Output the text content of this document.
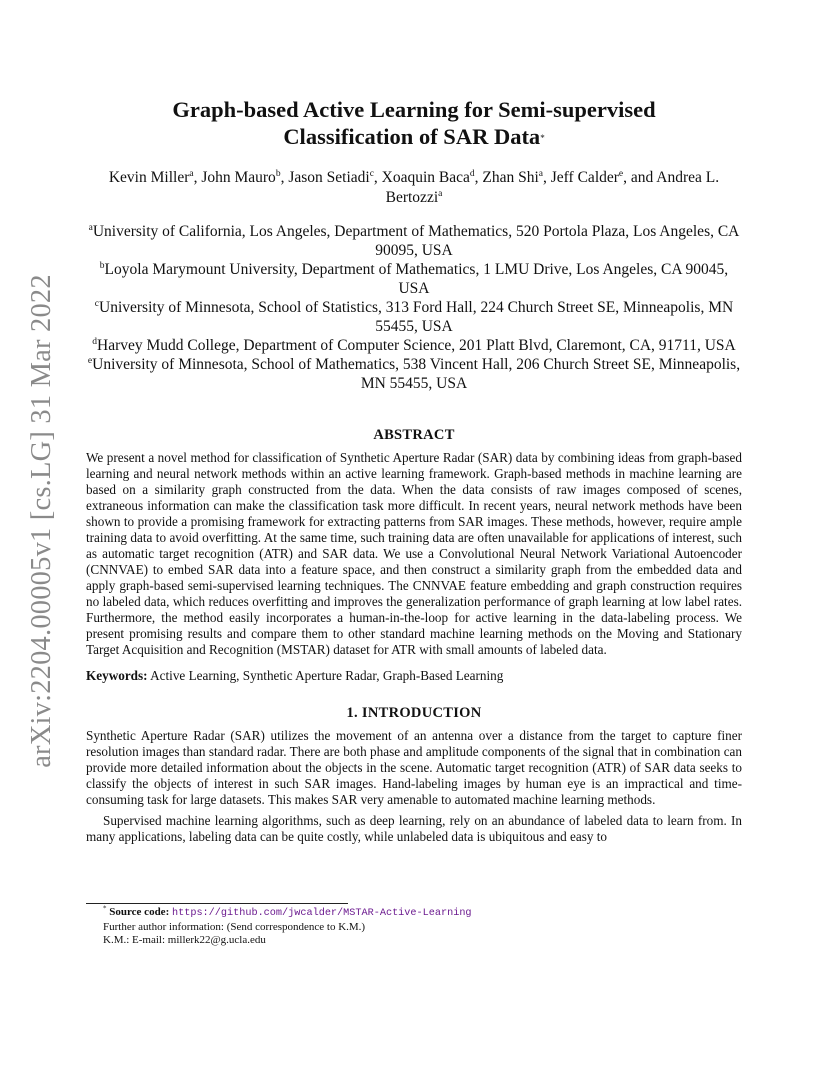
arXiv:2204.00005v1 [cs.LG] 31 Mar 2022
Graph-based Active Learning for Semi-supervised
Classification of SAR Data*
Kevin Miller$^a$, John Mauro$^b$, Jason Setiadi$^c$, Xoaquin Baca$^d$, Zhan Shi$^a$, Jeff Calder$^e$, and Andrea L. Bertozzi$^a$
$^a$University of California, Los Angeles, Department of Mathematics, 520 Portola Plaza, Los Angeles, CA 90095, USA
$^b$Loyola Marymount University, Department of Mathematics, 1 LMU Drive, Los Angeles, CA 90045, USA
$^c$University of Minnesota, School of Statistics, 313 Ford Hall, 224 Church Street SE, Minneapolis, MN 55455, USA
$^d$Harvey Mudd College, Department of Computer Science, 201 Platt Blvd, Claremont, CA, 91711, USA
$^e$University of Minnesota, School of Mathematics, 538 Vincent Hall, 206 Church Street SE, Minneapolis, MN 55455, USA
ABSTRACT

We present a novel method for classification of Synthetic Aperture Radar (SAR) data by combining ideas from graph-based learning and neural network methods within an active learning framework. Graph-based methods in machine learning are based on a similarity graph constructed from the data. When the data consists of raw images composed of scenes, extraneous information can make the classification task more difficult. In recent years, neural network methods have been shown to provide a promising framework for extracting patterns from SAR images. These methods, however, require ample training data to avoid overfitting. At the same time, such training data are often unavailable for applications of interest, such as automatic target recognition (ATR) and SAR data. We use a Convolutional Neural Network Variational Autoencoder (CNNVAE) to embed SAR data into a feature space, and then construct a similarity graph from the embedded data and apply graph-based semi-supervised learning techniques. The CNNVAE feature embedding and graph construction requires no labeled data, which reduces overfitting and improves the generalization performance of graph learning at low label rates. Furthermore, the method easily incorporates a human-in-the-loop for active learning in the data-labeling process. We present promising results and compare them to other standard machine learning methods on the Moving and Stationary Target Acquisition and Recognition (MSTAR) dataset for ATR with small amounts of labeled data.

Keywords: Active Learning, Synthetic Aperture Radar, Graph-Based Learning

1. INTRODUCTION

Synthetic Aperture Radar (SAR) utilizes the movement of an antenna over a distance from the target to capture finer resolution images than standard radar. There are both phase and amplitude components of the signal that in combination can provide more detailed information about the objects in the scene. Automatic target recognition (ATR) of SAR data seeks to classify the objects of interest in such SAR images. Hand-labeling images by human eye is an impractical and time-consuming task for large datasets. This makes SAR very amenable to automated machine learning methods.

Supervised machine learning algorithms, such as deep learning, rely on an abundance of labeled data to learn from. In many applications, labeling data can be quite costly, while unlabeled data is ubiquitous and easy to

* Source code: https://github.com/jwcalder/MSTAR-Active-Learning
Further author information: (Send correspondence to K.M.)
K.M.: E-mail: millerk22@g.ucla.edu
